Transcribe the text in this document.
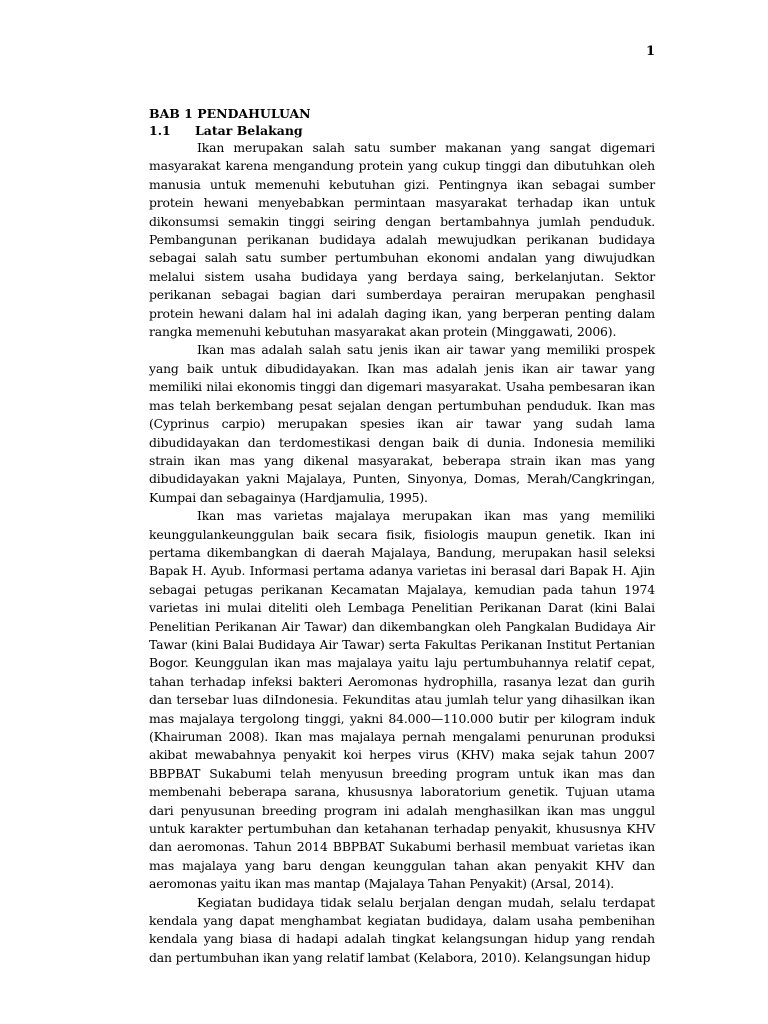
1
BAB 1 PENDAHULUAN
1.1	Latar Belakang

Ikan merupakan salah satu sumber makanan yang sangat digemari masyarakat karena mengandung protein yang cukup tinggi dan dibutuhkan oleh manusia untuk memenuhi kebutuhan gizi. Pentingnya ikan sebagai sumber protein hewani menyebabkan permintaan masyarakat terhadap ikan untuk dikonsumsi semakin tinggi seiring dengan bertambahnya jumlah penduduk. Pembangunan perikanan budidaya adalah mewujudkan perikanan budidaya sebagai salah satu sumber pertumbuhan ekonomi andalan yang diwujudkan melalui sistem usaha budidaya yang berdaya saing, berkelanjutan. Sektor perikanan sebagai bagian dari sumberdaya perairan merupakan penghasil protein hewani dalam hal ini adalah daging ikan, yang berperan penting dalam rangka memenuhi kebutuhan masyarakat akan protein (Minggawati, 2006).

Ikan mas adalah salah satu jenis ikan air tawar yang memiliki prospek yang baik untuk dibudidayakan. Ikan mas adalah jenis ikan air tawar yang memiliki nilai ekonomis tinggi dan digemari masyarakat. Usaha pembesaran ikan mas telah berkembang pesat sejalan dengan pertumbuhan penduduk. Ikan mas (Cyprinus carpio) merupakan spesies ikan air tawar yang sudah lama dibudidayakan dan terdomestikasi dengan baik di dunia. Indonesia memiliki strain ikan mas yang dikenal masyarakat, beberapa strain ikan mas yang dibudidayakan yakni Majalaya, Punten, Sinyonya, Domas, Merah/Cangkringan, Kumpai dan sebagainya (Hardjamulia, 1995).

Ikan mas varietas majalaya merupakan ikan mas yang memiliki keunggulankeunggulan baik secara fisik, fisiologis maupun genetik. Ikan ini pertama dikembangkan di daerah Majalaya, Bandung, merupakan hasil seleksi Bapak H. Ayub. Informasi pertama adanya varietas ini berasal dari Bapak H. Ajin sebagai petugas perikanan Kecamatan Majalaya, kemudian pada tahun 1974 varietas ini mulai diteliti oleh Lembaga Penelitian Perikanan Darat (kini Balai Penelitian Perikanan Air Tawar) dan dikembangkan oleh Pangkalan Budidaya Air Tawar (kini Balai Budidaya Air Tawar) serta Fakultas Perikanan Institut Pertanian Bogor. Keunggulan ikan mas majalaya yaitu laju pertumbuhannya relatif cepat, tahan terhadap infeksi bakteri Aeromonas hydrophilla, rasanya lezat dan gurih dan tersebar luas diIndonesia. Fekunditas atau jumlah telur yang dihasilkan ikan mas majalaya tergolong tinggi, yakni 84.000—110.000 butir per kilogram induk (Khairuman 2008). Ikan mas majalaya pernah mengalami penurunan produksi akibat mewabahnya penyakit koi herpes virus (KHV) maka sejak tahun 2007 BBPBAT Sukabumi telah menyusun breeding program untuk ikan mas dan membenahi beberapa sarana, khususnya laboratorium genetik. Tujuan utama dari penyusunan breeding program ini adalah menghasilkan ikan mas unggul untuk karakter pertumbuhan dan ketahanan terhadap penyakit, khususnya KHV dan aeromonas. Tahun 2014 BBPBAT Sukabumi berhasil membuat varietas ikan mas majalaya yang baru dengan keunggulan tahan akan penyakit KHV dan aeromonas yaitu ikan mas mantap (Majalaya Tahan Penyakit) (Arsal, 2014).

Kegiatan budidaya tidak selalu berjalan dengan mudah, selalu terdapat kendala yang dapat menghambat kegiatan budidaya, dalam usaha pembenihan kendala yang biasa di hadapi adalah tingkat kelangsungan hidup yang rendah dan pertumbuhan ikan yang relatif lambat (Kelabora, 2010). Kelangsungan hidup
